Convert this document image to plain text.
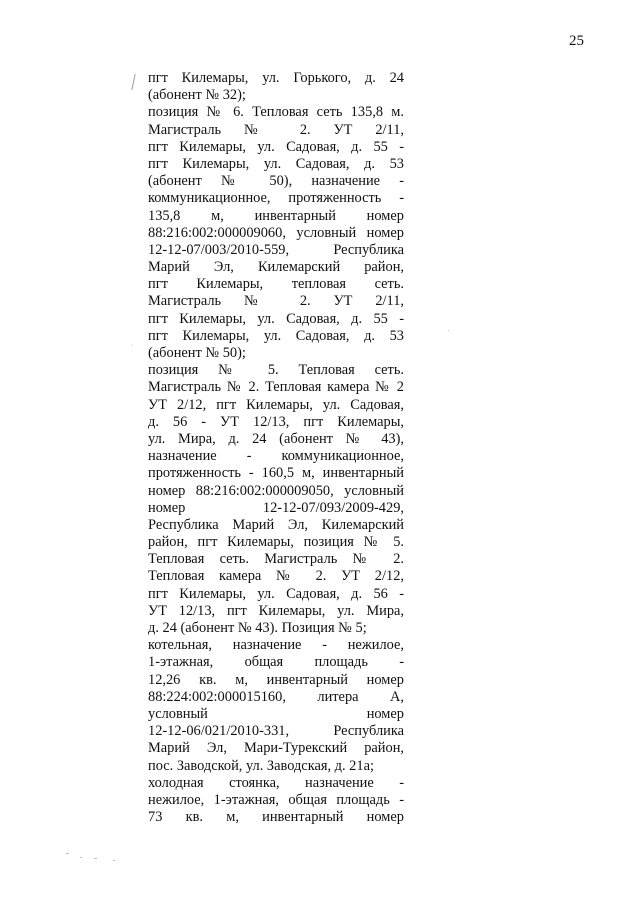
25
пгт Килемары, ул. Горького, д. 24
(абонент № 32);
позиция № 6. Тепловая сеть 135,8 м.
Магистраль № 2. УТ 2/11,
пгт Килемары, ул. Садовая, д. 55 -
пгт Килемары, ул. Садовая, д. 53
(абонент № 50), назначение -
коммуникационное, протяженность -
135,8 м, инвентарный номер
88:216:002:000009060, условный номер
12-12-07/003/2010-559, Республика
Марий Эл, Килемарский район,
пгт Килемары, тепловая сеть.
Магистраль № 2. УТ 2/11,
пгт Килемары, ул. Садовая, д. 55 -
пгт Килемары, ул. Садовая, д. 53
(абонент № 50);
позиция № 5. Тепловая сеть.
Магистраль № 2. Тепловая камера № 2
УТ 2/12, пгт Килемары, ул. Садовая,
д. 56 - УТ 12/13, пгт Килемары,
ул. Мира, д. 24 (абонент № 43),
назначение - коммуникационное,
протяженность - 160,5 м, инвентарный
номер 88:216:002:000009050, условный
номер 12-12-07/093/2009-429,
Республика Марий Эл, Килемарский
район, пгт Килемары, позиция № 5.
Тепловая сеть. Магистраль № 2.
Тепловая камера № 2. УТ 2/12,
пгт Килемары, ул. Садовая, д. 56 -
УТ 12/13, пгт Килемары, ул. Мира,
д. 24 (абонент № 43). Позиция № 5;
котельная, назначение - нежилое,
1-этажная, общая площадь -
12,26 кв. м, инвентарный номер
88:224:002:000015160, литера А,
условный номер
12-12-06/021/2010-331, Республика
Марий Эл, Мари-Турекский район,
пос. Заводской, ул. Заводская, д. 21а;
холодная стоянка, назначение -
нежилое, 1-этажная, общая площадь -
73 кв. м, инвентарный номер
